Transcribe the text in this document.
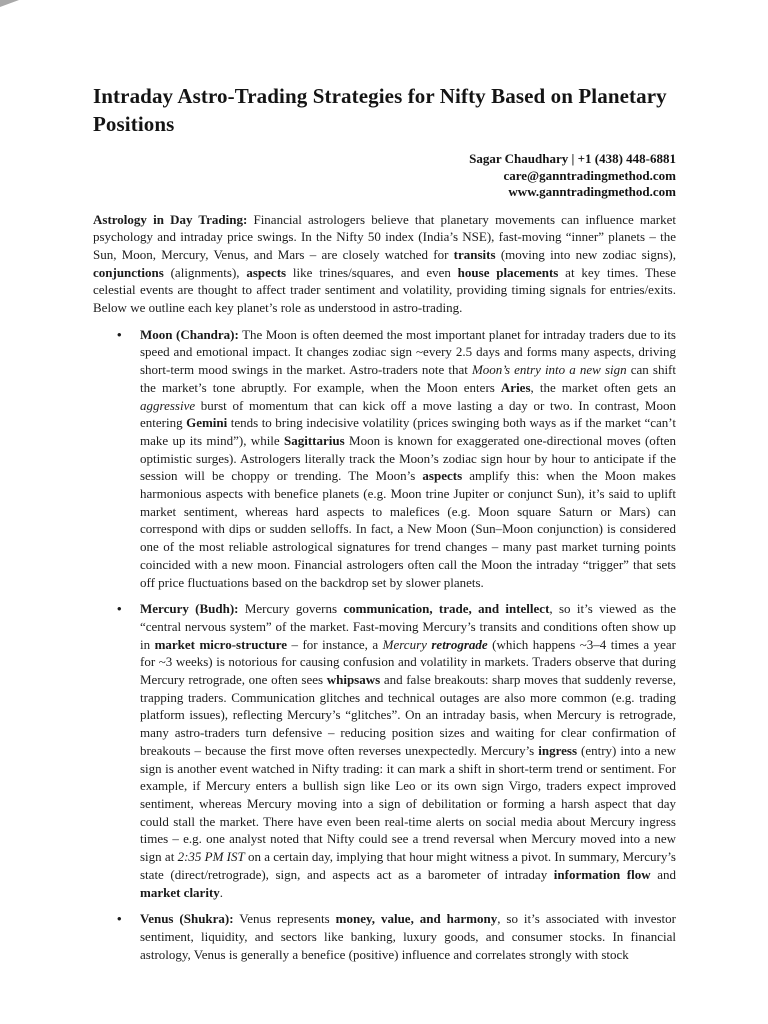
Intraday Astro-Trading Strategies for Nifty Based on Planetary Positions
Sagar Chaudhary | +1 (438) 448-6881
care@ganntradingmethod.com
www.ganntradingmethod.com

Astrology in Day Trading: Financial astrologers believe that planetary movements can influence market psychology and intraday price swings. In the Nifty 50 index (India’s NSE), fast-moving “inner” planets – the Sun, Moon, Mercury, Venus, and Mars – are closely watched for transits (moving into new zodiac signs), conjunctions (alignments), aspects like trines/squares, and even house placements at key times. These celestial events are thought to affect trader sentiment and volatility, providing timing signals for entries/exits. Below we outline each key planet’s role as understood in astro-trading.

• Moon (Chandra): The Moon is often deemed the most important planet for intraday traders due to its speed and emotional impact. It changes zodiac sign ~every 2.5 days and forms many aspects, driving short-term mood swings in the market. Astro-traders note that Moon’s entry into a new sign can shift the market’s tone abruptly. For example, when the Moon enters Aries, the market often gets an aggressive burst of momentum that can kick off a move lasting a day or two. In contrast, Moon entering Gemini tends to bring indecisive volatility (prices swinging both ways as if the market “can’t make up its mind”), while Sagittarius Moon is known for exaggerated one-directional moves (often optimistic surges). Astrologers literally track the Moon’s zodiac sign hour by hour to anticipate if the session will be choppy or trending. The Moon’s aspects amplify this: when the Moon makes harmonious aspects with benefice planets (e.g. Moon trine Jupiter or conjunct Sun), it’s said to uplift market sentiment, whereas hard aspects to malefices (e.g. Moon square Saturn or Mars) can correspond with dips or sudden selloffs. In fact, a New Moon (Sun–Moon conjunction) is considered one of the most reliable astrological signatures for trend changes – many past market turning points coincided with a new moon. Financial astrologers often call the Moon the intraday “trigger” that sets off price fluctuations based on the backdrop set by slower planets.
• Mercury (Budh): Mercury governs communication, trade, and intellect, so it’s viewed as the “central nervous system” of the market. Fast-moving Mercury’s transits and conditions often show up in market micro-structure – for instance, a Mercury retrograde (which happens ~3–4 times a year for ~3 weeks) is notorious for causing confusion and volatility in markets. Traders observe that during Mercury retrograde, one often sees whipsaws and false breakouts: sharp moves that suddenly reverse, trapping traders. Communication glitches and technical outages are also more common (e.g. trading platform issues), reflecting Mercury’s “glitches”. On an intraday basis, when Mercury is retrograde, many astro-traders turn defensive – reducing position sizes and waiting for clear confirmation of breakouts – because the first move often reverses unexpectedly. Mercury’s ingress (entry) into a new sign is another event watched in Nifty trading: it can mark a shift in short-term trend or sentiment. For example, if Mercury enters a bullish sign like Leo or its own sign Virgo, traders expect improved sentiment, whereas Mercury moving into a sign of debilitation or forming a harsh aspect that day could stall the market. There have even been real-time alerts on social media about Mercury ingress times – e.g. one analyst noted that Nifty could see a trend reversal when Mercury moved into a new sign at 2:35 PM IST on a certain day, implying that hour might witness a pivot. In summary, Mercury’s state (direct/retrograde), sign, and aspects act as a barometer of intraday information flow and market clarity.
• Venus (Shukra): Venus represents money, value, and harmony, so it’s associated with investor sentiment, liquidity, and sectors like banking, luxury goods, and consumer stocks. In financial astrology, Venus is generally a benefice (positive) influence and correlates strongly with stock
